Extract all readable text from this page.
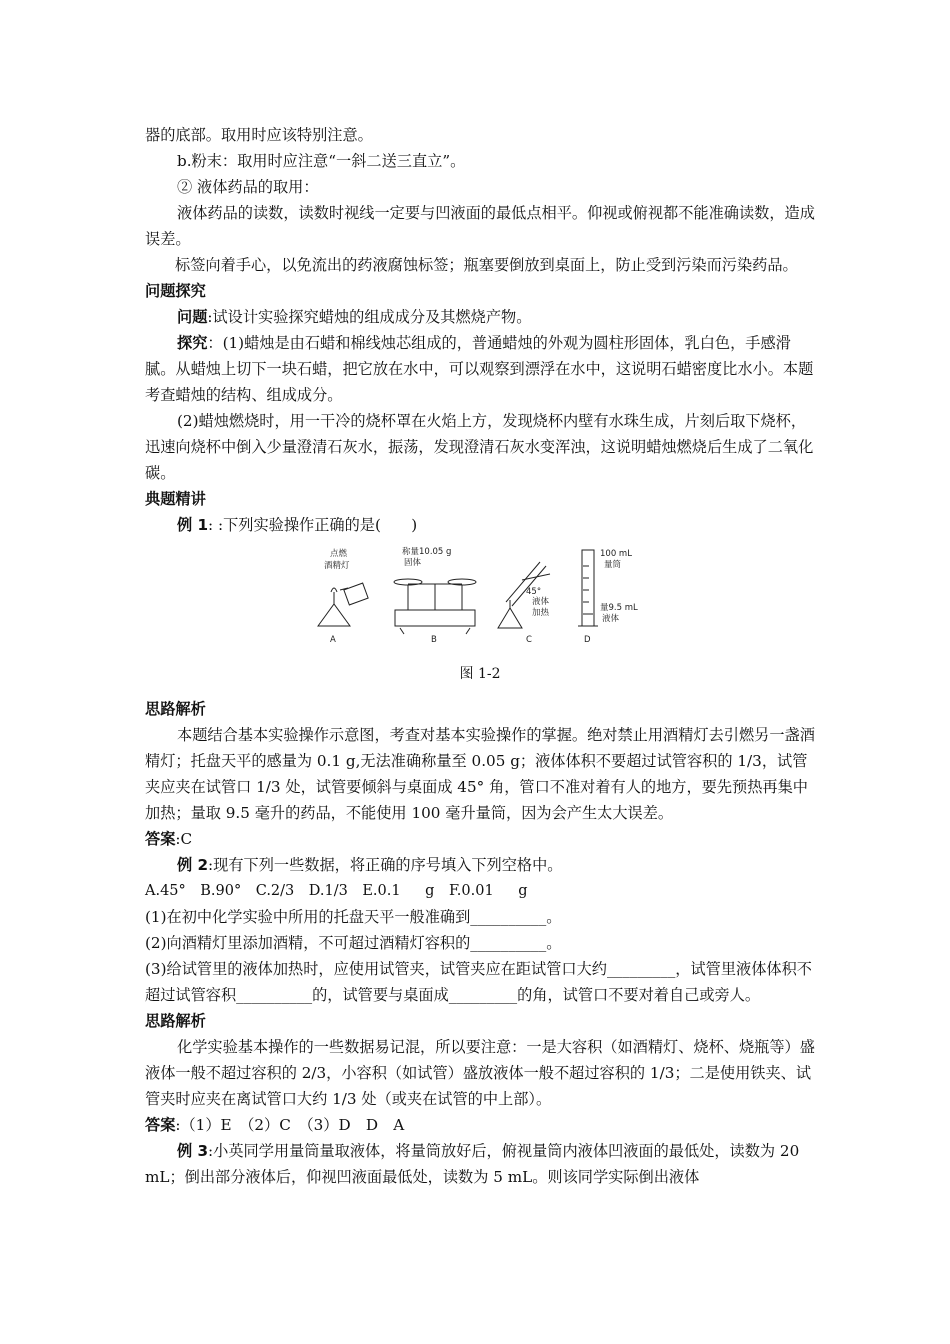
器的底部。取用时应该特别注意。

b.粉末：取用时应注意“一斜二送三直立”。

② 液体药品的取用：

液体药品的读数，读数时视线一定要与凹液面的最低点相平。仰视或俯视都不能准确读数，造成误差。

标签向着手心，以免流出的药液腐蚀标签；瓶塞要倒放到桌面上，防止受到污染而污染药品。

问题探究

问题:试设计实验探究蜡烛的组成成分及其燃烧产物。

探究：(1)蜡烛是由石蜡和棉线烛芯组成的，普通蜡烛的外观为圆柱形固体，乳白色，手感滑腻。从蜡烛上切下一块石蜡，把它放在水中，可以观察到漂浮在水中，这说明石蜡密度比水小。本题考查蜡烛的结构、组成成分。

(2)蜡烛燃烧时，用一干冷的烧杯罩在火焰上方，发现烧杯内壁有水珠生成，片刻后取下烧杯，迅速向烧杯中倒入少量澄清石灰水，振荡，发现澄清石灰水变浑浊，这说明蜡烛燃烧后生成了二氧化碳。

典题精讲

例 1: :下列实验操作正确的是(　　)

点燃
酒精灯
A
称量10.05 g
固体
B
45°
液体
加热
C
100 mL
量筒
量9.5 mL
液体
D

图 1-2

思路解析

本题结合基本实验操作示意图，考查对基本实验操作的掌握。绝对禁止用酒精灯去引燃另一盏酒精灯；托盘天平的感量为 0.1 g,无法准确称量至 0.05 g；液体体积不要超过试管容积的 1/3，试管夹应夹在试管口 1/3 处，试管要倾斜与桌面成 45° 角，管口不准对着有人的地方，要先预热再集中加热；量取 9.5 毫升的药品，不能使用 100 毫升量筒，因为会产生太大误差。

答案:C

例 2:现有下列一些数据，将正确的序号填入下列空格中。

A.45°　B.90°　C.2/3　D.1/3　E.0.1 g　F.0.01 g

(1)在初中化学实验中所用的托盘天平一般准确到__________。

(2)向酒精灯里添加酒精，不可超过酒精灯容积的__________。

(3)给试管里的液体加热时，应使用试管夹，试管夹应在距试管口大约_________，试管里液体体积不超过试管容积__________的，试管要与桌面成_________的角，试管口不要对着自己或旁人。

思路解析

化学实验基本操作的一些数据易记混，所以要注意：一是大容积（如酒精灯、烧杯、烧瓶等）盛液体一般不超过容积的 2/3，小容积（如试管）盛放液体一般不超过容积的 1/3；二是使用铁夹、试管夹时应夹在离试管口大约 1/3 处（或夹在试管的中上部）。

答案:（1）E　（2）C　（3）D　D　A

例 3:小英同学用量筒量取液体，将量筒放好后，俯视量筒内液体凹液面的最低处，读数为 20 mL；倒出部分液体后，仰视凹液面最低处，读数为 5 mL。则该同学实际倒出液体
